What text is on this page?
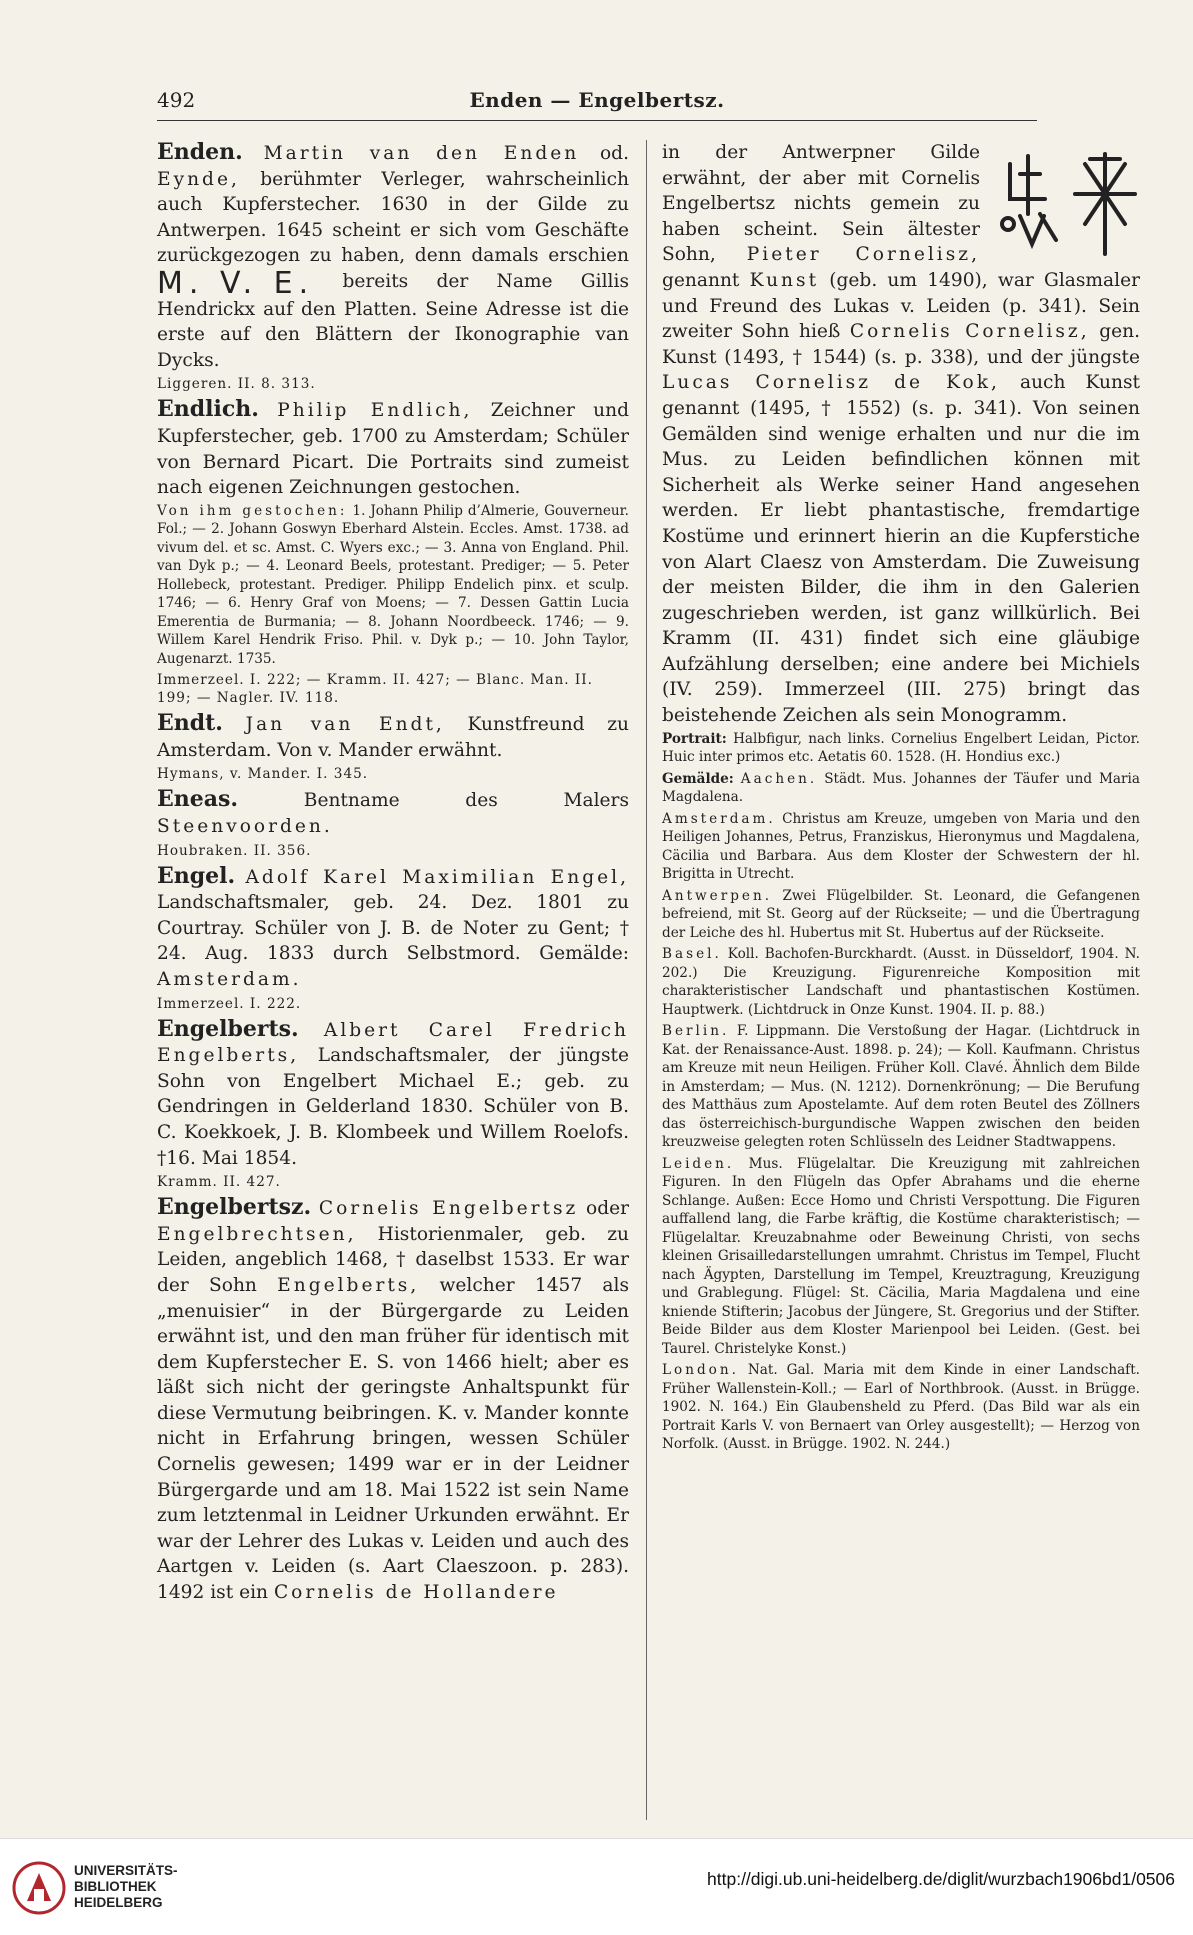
492	Enden — Engelbertsz.

Enden. Martin van den Enden od. Eynde, berühmter Verleger, wahrscheinlich auch Kupferstecher. 1630 in der Gilde zu Antwerpen. 1645 scheint er sich vom Geschäfte zurückgezogen zu haben, denn damals erschien M. V. E. bereits der Name Gillis Hendrickx auf den Platten. Seine Adresse ist die erste auf den Blättern der Ikonographie van Dycks.

Liggeren. II. 8. 313.

Endlich. Philip Endlich, Zeichner und Kupferstecher, geb. 1700 zu Amsterdam; Schüler von Bernard Picart. Die Portraits sind zumeist nach eigenen Zeichnungen gestochen.

Von ihm gestochen: 1. Johann Philip d’Almerie, Gouverneur. Fol.; — 2. Johann Goswyn Eberhard Alstein. Eccles. Amst. 1738. ad vivum del. et sc. Amst. C. Wyers exc.; — 3. Anna von England. Phil. van Dyk p.; — 4. Leonard Beels, protestant. Prediger; — 5. Peter Hollebeck, protestant. Prediger. Philipp Endelich pinx. et sculp. 1746; — 6. Henry Graf von Moens; — 7. Dessen Gattin Lucia Emerentia de Burmania; — 8. Johann Noordbeeck. 1746; — 9. Willem Karel Hendrik Friso. Phil. v. Dyk p.; — 10. John Taylor, Augenarzt. 1735.

Immerzeel. I. 222; — Kramm. II. 427; — Blanc. Man. II. 199; — Nagler. IV. 118.

Endt. Jan van Endt, Kunstfreund zu Amsterdam. Von v. Mander erwähnt.

Hymans, v. Mander. I. 345.

Eneas.	Bentname des Malers Steenvoorden.

Houbraken. II. 356.

Engel. Adolf Karel Maximilian Engel, Landschaftsmaler, geb. 24. Dez. 1801 zu Courtray. Schüler von J. B. de Noter zu Gent; † 24. Aug. 1833 durch Selbstmord. Gemälde: Amsterdam.

Immerzeel. I. 222.

Engelberts. Albert Carel Fredrich Engelberts, Landschaftsmaler, der jüngste Sohn von Engelbert Michael E.; geb. zu Gendringen in Gelderland 1830. Schüler von B. C. Koekkoek, J. B. Klombeek und Willem Roelofs. †16. Mai 1854.

Kramm. II. 427.

Engelbertsz. Cornelis Engelbertsz oder Engelbrechtsen, Historienmaler, geb. zu Leiden, angeblich 1468, † daselbst 1533. Er war der Sohn Engelberts, welcher 1457 als „menuisier“ in der Bürgergarde zu Leiden erwähnt ist, und den man früher für identisch mit dem Kupferstecher E. S. von 1466 hielt; aber es läßt sich nicht der geringste Anhaltspunkt für diese Vermutung beibringen. K. v. Mander konnte nicht in Erfahrung bringen, wessen Schüler Cornelis gewesen; 1499 war er in der Leidner Bürgergarde und am 18. Mai 1522 ist sein Name zum letztenmal in Leidner Urkunden erwähnt. Er war der Lehrer des Lukas v. Leiden und auch des Aartgen v. Leiden (s. Aart Claeszoon. p. 283). 1492 ist ein Cornelis de Hollandere

in der Antwerpner Gilde erwähnt, der aber mit Cornelis Engelbertsz nichts gemein zu haben scheint. Sein ältester Sohn, Pieter Cornelisz, genannt Kunst (geb. um 1490), war Glasmaler und Freund des Lukas v. Leiden (p. 341). Sein zweiter Sohn hieß Cornelis Cornelisz, gen. Kunst (1493, † 1544) (s. p. 338), und der jüngste Lucas Cornelisz de Kok, auch Kunst genannt (1495, † 1552) (s. p. 341). Von seinen Gemälden sind wenige erhalten und nur die im Mus. zu Leiden befindlichen können mit Sicherheit als Werke seiner Hand angesehen werden. Er liebt phantastische, fremdartige Kostüme und erinnert hierin an die Kupferstiche von Alart Claesz von Amsterdam. Die Zuweisung der meisten Bilder, die ihm in den Galerien zugeschrieben werden, ist ganz willkürlich. Bei Kramm (II. 431) findet sich eine gläubige Aufzählung derselben; eine andere bei Michiels (IV. 259). Immerzeel (III. 275) bringt das beistehende Zeichen als sein Monogramm.

Portrait: Halbfigur, nach links. Cornelius Engelbert Leidan, Pictor. Huic inter primos etc. Aetatis 60. 1528. (H. Hondius exc.)

Gemälde: Aachen. Städt. Mus. Johannes der Täufer und Maria Magdalena.

Amsterdam. Christus am Kreuze, umgeben von Maria und den Heiligen Johannes, Petrus, Franziskus, Hieronymus und Magdalena, Cäcilia und Barbara. Aus dem Kloster der Schwestern der hl. Brigitta in Utrecht.

Antwerpen. Zwei Flügelbilder. St. Leonard, die Gefangenen befreiend, mit St. Georg auf der Rückseite; — und die Übertragung der Leiche des hl. Hubertus mit St. Hubertus auf der Rückseite.

Basel. Koll. Bachofen-Burckhardt. (Ausst. in Düsseldorf, 1904. N. 202.) Die Kreuzigung. Figurenreiche Komposition mit charakteristischer Landschaft und phantastischen Kostümen. Hauptwerk. (Lichtdruck in Onze Kunst. 1904. II. p. 88.)

Berlin. F. Lippmann. Die Verstoßung der Hagar. (Lichtdruck in Kat. der Renaissance-Aust. 1898. p. 24); — Koll. Kaufmann. Christus am Kreuze mit neun Heiligen. Früher Koll. Clavé. Ähnlich dem Bilde in Amsterdam; — Mus. (N. 1212). Dornenkrönung; — Die Berufung des Matthäus zum Apostelamte. Auf dem roten Beutel des Zöllners das österreichisch-burgundische Wappen zwischen den beiden kreuzweise gelegten roten Schlüsseln des Leidner Stadtwappens.

Leiden. Mus. Flügelaltar. Die Kreuzigung mit zahlreichen Figuren. In den Flügeln das Opfer Abrahams und die eherne Schlange. Außen: Ecce Homo und Christi Verspottung. Die Figuren auffallend lang, die Farbe kräftig, die Kostüme charakteristisch; — Flügelaltar. Kreuzabnahme oder Beweinung Christi, von sechs kleinen Grisailledarstellungen umrahmt. Christus im Tempel, Flucht nach Ägypten, Darstellung im Tempel, Kreuztragung, Kreuzigung und Grablegung. Flügel: St. Cäcilia, Maria Magdalena und eine kniende Stifterin; Jacobus der Jüngere, St. Gregorius und der Stifter. Beide Bilder aus dem Kloster Marienpool bei Leiden. (Gest. bei Taurel. Christelyke Konst.)

London. Nat. Gal. Maria mit dem Kinde in einer Landschaft. Früher Wallenstein-Koll.; — Earl of Northbrook. (Ausst. in Brügge. 1902. N. 164.) Ein Glaubensheld zu Pferd. (Das Bild war als ein Portrait Karls V. von Bernaert van Orley ausgestellt); — Herzog von Norfolk. (Ausst. in Brügge. 1902. N. 244.)

UNIVERSITÄTS-
BIBLIOTHEK
HEIDELBERG
http://digi.ub.uni-heidelberg.de/diglit/wurzbach1906bd1/0506
